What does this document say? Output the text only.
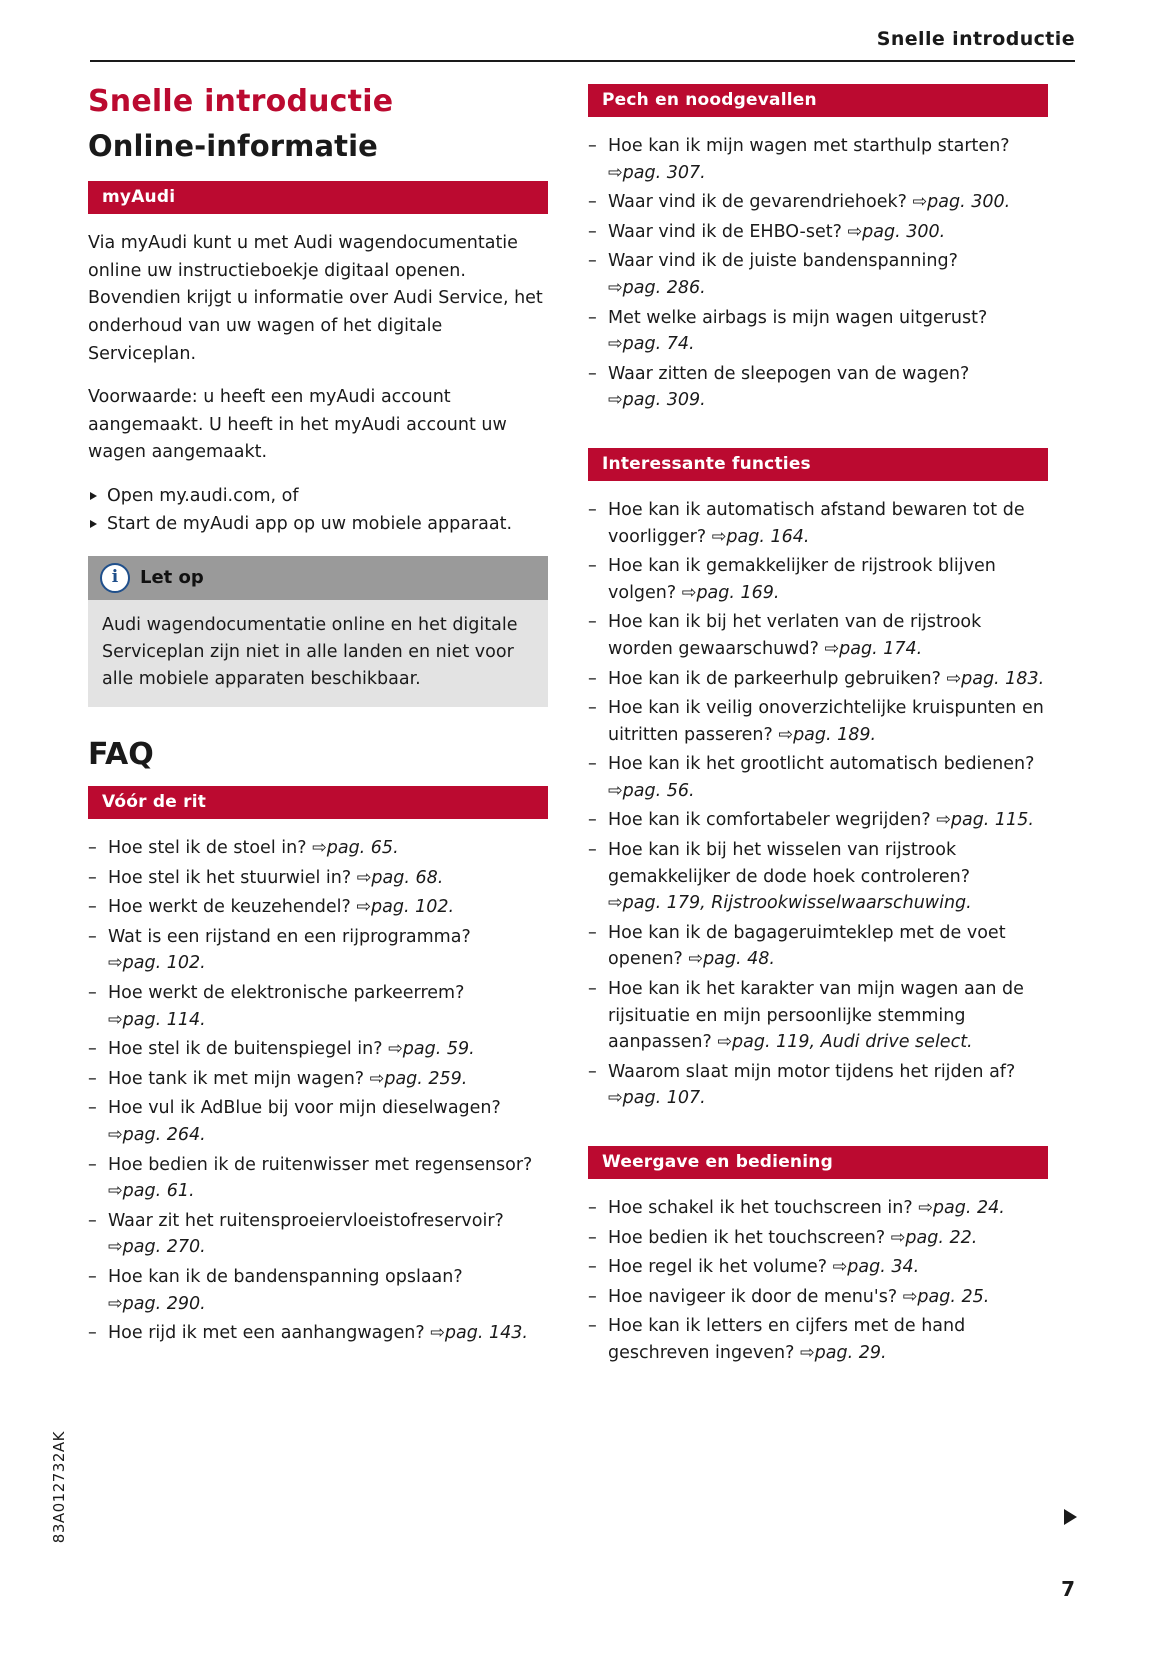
Snelle introductie
Snelle introductie
Online-informatie
myAudi

Via myAudi kunt u met Audi wagendocumentatie online uw instructieboekje digitaal openen. Bovendien krijgt u informatie over Audi Service, het onderhoud van uw wagen of het digitale Serviceplan.

Voorwaarde: u heeft een myAudi account aangemaakt. U heeft in het myAudi account uw wagen aangemaakt.

Open my.audi.com, of
Start de myAudi app op uw mobiele apparaat.
i	Let op
Audi wagendocumentatie online en het digitale Serviceplan zijn niet in alle landen en niet voor alle mobiele apparaten beschikbaar.
FAQ
Vóór de rit
– Hoe stel ik de stoel in? ⇨pag. 65.
– Hoe stel ik het stuurwiel in? ⇨pag. 68.
– Hoe werkt de keuzehendel? ⇨pag. 102.
– Wat is een rijstand en een rijprogramma? ⇨pag. 102.
– Hoe werkt de elektronische parkeerrem? ⇨pag. 114.
– Hoe stel ik de buitenspiegel in? ⇨pag. 59.
– Hoe tank ik met mijn wagen? ⇨pag. 259.
– Hoe vul ik AdBlue bij voor mijn dieselwagen? ⇨pag. 264.
– Hoe bedien ik de ruitenwisser met regensensor? ⇨pag. 61.
– Waar zit het ruitensproeiervloeistofreservoir? ⇨pag. 270.
– Hoe kan ik de bandenspanning opslaan? ⇨pag. 290.
– Hoe rijd ik met een aanhangwagen? ⇨pag. 143.
Pech en noodgevallen
– Hoe kan ik mijn wagen met starthulp starten? ⇨pag. 307.
– Waar vind ik de gevarendriehoek? ⇨pag. 300.
– Waar vind ik de EHBO-set? ⇨pag. 300.
– Waar vind ik de juiste bandenspanning? ⇨pag. 286.
– Met welke airbags is mijn wagen uitgerust? ⇨pag. 74.
– Waar zitten de sleepogen van de wagen? ⇨pag. 309.
Interessante functies
– Hoe kan ik automatisch afstand bewaren tot de voorligger? ⇨pag. 164.
– Hoe kan ik gemakkelijker de rijstrook blijven volgen? ⇨pag. 169.
– Hoe kan ik bij het verlaten van de rijstrook worden gewaarschuwd? ⇨pag. 174.
– Hoe kan ik de parkeerhulp gebruiken? ⇨pag. 183.
– Hoe kan ik veilig onoverzichtelijke kruispunten en uitritten passeren? ⇨pag. 189.
– Hoe kan ik het grootlicht automatisch bedienen? ⇨pag. 56.
– Hoe kan ik comfortabeler wegrijden? ⇨pag. 115.
– Hoe kan ik bij het wisselen van rijstrook gemakkelijker de dode hoek controleren? ⇨pag. 179, Rijstrookwisselwaarschuwing.
– Hoe kan ik de bagageruimteklep met de voet openen? ⇨pag. 48.
– Hoe kan ik het karakter van mijn wagen aan de rijsituatie en mijn persoonlijke stemming aanpassen? ⇨pag. 119, Audi drive select.
– Waarom slaat mijn motor tijdens het rijden af? ⇨pag. 107.
Weergave en bediening
– Hoe schakel ik het touchscreen in? ⇨pag. 24.
– Hoe bedien ik het touchscreen? ⇨pag. 22.
– Hoe regel ik het volume? ⇨pag. 34.
– Hoe navigeer ik door de menu's? ⇨pag. 25.
– Hoe kan ik letters en cijfers met de hand geschreven ingeven? ⇨pag. 29.
83A012732AK
7
